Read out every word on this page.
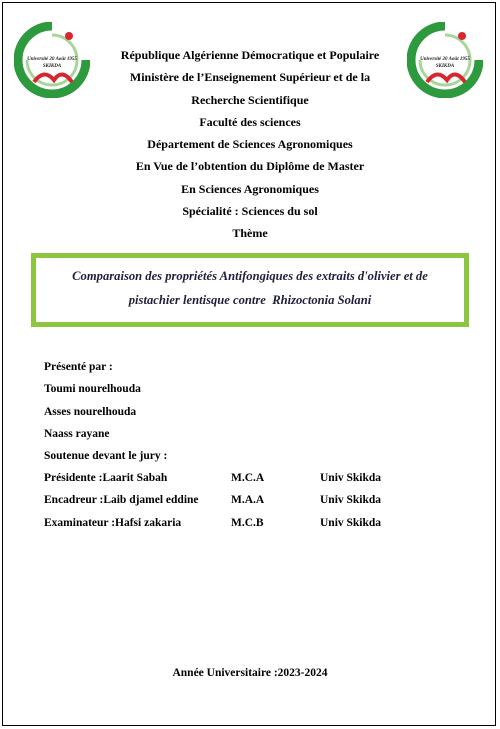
Université 20 Août 1955
SKIKDA
Université 20 Août 1955
SKIKDA
République Algérienne Démocratique et Populaire
Ministère de l’Enseignement Supérieur et de la
Recherche Scientifique
Faculté des sciences
Département de Sciences Agronomiques
En Vue de l’obtention du Diplôme de Master
En Sciences Agronomiques
Spécialité : Sciences du sol
Thème

Comparaison des propriétés Antifongiques des extraits d'olivier et de

pistachier lentisque contre Rhizoctonia Solani

Présenté par :
Toumi nourelhouda
Asses nourelhouda
Naass rayane
Soutenue devant le jury :
Présidente :Laarit Sabah	M.C.A	Univ Skikda
Encadreur :Laib djamel eddine	M.A.A	Univ Skikda
Examinateur :Hafsi zakaria	M.C.B	Univ Skikda
Année Universitaire :2023-2024
